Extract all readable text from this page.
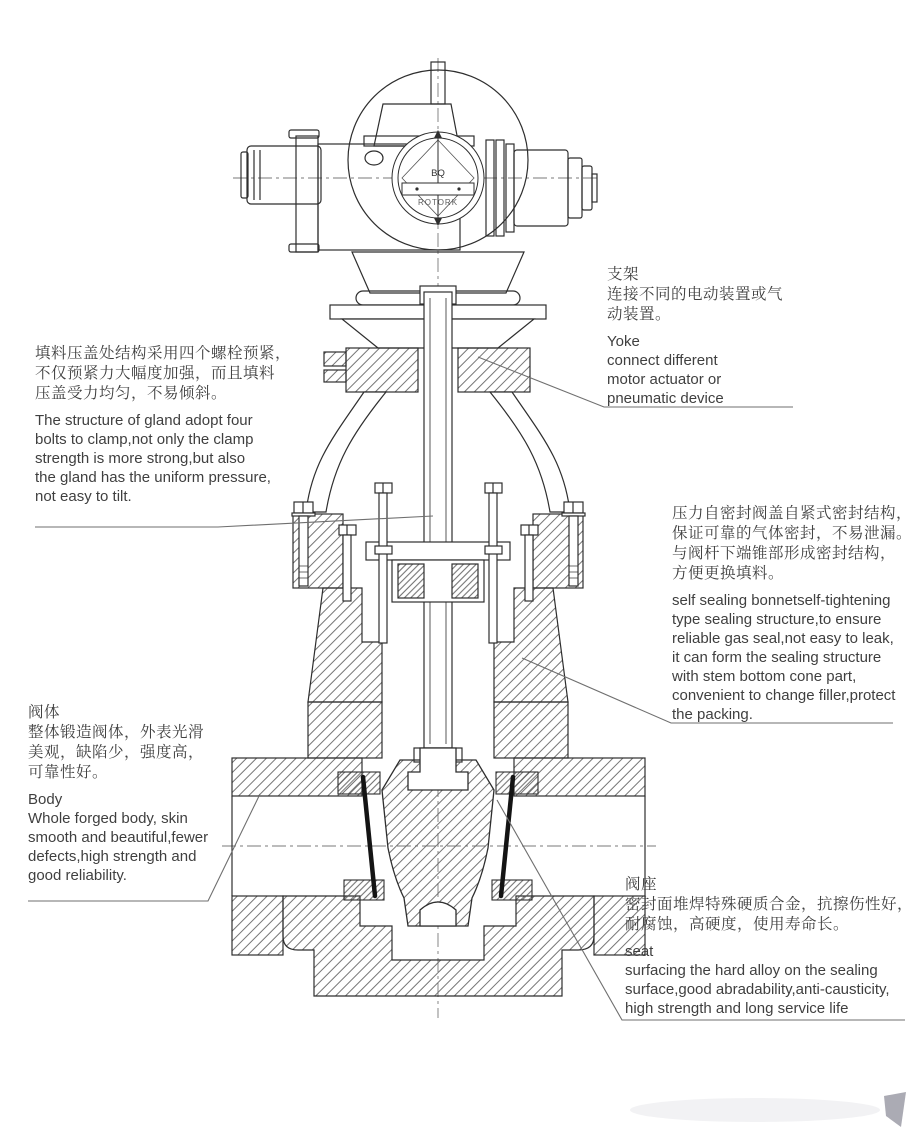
BQ
ROTORK
填料压盖处结构采用四个螺栓预紧，
不仅预紧力大幅度加强，而且填料
压盖受力均匀，不易倾斜。
The structure of gland adopt four
bolts to clamp,not only the clamp
strength is more strong,but also
the gland has the uniform pressure,
not easy to tilt.
支架
连接不同的电动装置或气
动装置。
Yoke
connect different
motor actuator or
pneumatic device
压力自密封阀盖自紧式密封结构，
保证可靠的气体密封，不易泄漏。
与阀杆下端锥部形成密封结构，
方便更换填料。
self sealing bonnetself-tightening
type sealing structure,to ensure
reliable gas seal,not easy to leak,
it can form the sealing structure
with stem bottom cone part,
convenient to change filler,protect
the packing.
阀体
整体锻造阀体，外表光滑
美观，缺陷少，强度高，
可靠性好。
Body
Whole forged body, skin
smooth and beautiful,fewer
defects,high strength and
good reliability.
阀座
密封面堆焊特殊硬质合金，抗擦伤性好，
耐腐蚀，高硬度，使用寿命长。
seat
surfacing the hard alloy on the sealing
surface,good abradability,anti-causticity,
high strength and long service life
